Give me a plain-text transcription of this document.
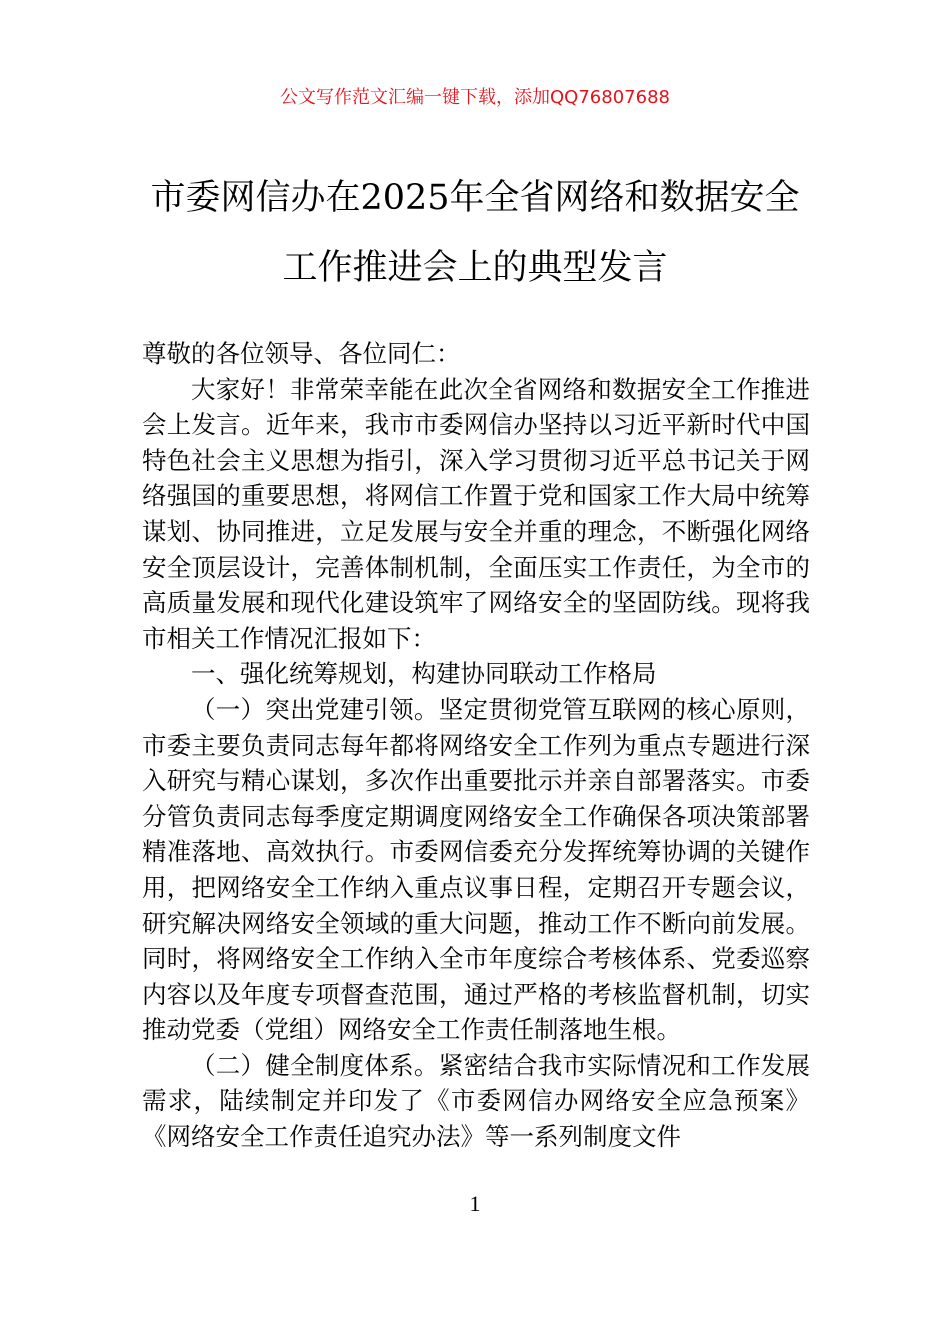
公文写作范文汇编一键下载，添加QQ76807688
市委网信办在2025年全省网络和数据安全
工作推进会上的典型发言

尊敬的各位领导、各位同仁：

大家好！非常荣幸能在此次全省网络和数据安全工作推进会上发言。近年来，我市市委网信办坚持以习近平新时代中国特色社会主义思想为指引，深入学习贯彻习近平总书记关于网络强国的重要思想，将网信工作置于党和国家工作大局中统筹谋划、协同推进，立足发展与安全并重的理念，不断强化网络安全顶层设计，完善体制机制，全面压实工作责任，为全市的高质量发展和现代化建设筑牢了网络安全的坚固防线。现将我市相关工作情况汇报如下：

一、强化统筹规划，构建协同联动工作格局

（一）突出党建引领。坚定贯彻党管互联网的核心原则，市委主要负责同志每年都将网络安全工作列为重点专题进行深入研究与精心谋划，多次作出重要批示并亲自部署落实。市委分管负责同志每季度定期调度网络安全工作确保各项决策部署精准落地、高效执行。市委网信委充分发挥统筹协调的关键作用，把网络安全工作纳入重点议事日程，定期召开专题会议，研究解决网络安全领域的重大问题，推动工作不断向前发展。同时，将网络安全工作纳入全市年度综合考核体系、党委巡察内容以及年度专项督查范围，通过严格的考核监督机制，切实推动党委（党组）网络安全工作责任制落地生根。

（二）健全制度体系。紧密结合我市实际情况和工作发展需求，陆续制定并印发了《市委网信办网络安全应急预案》《网络安全工作责任追究办法》等一系列制度文件

1
